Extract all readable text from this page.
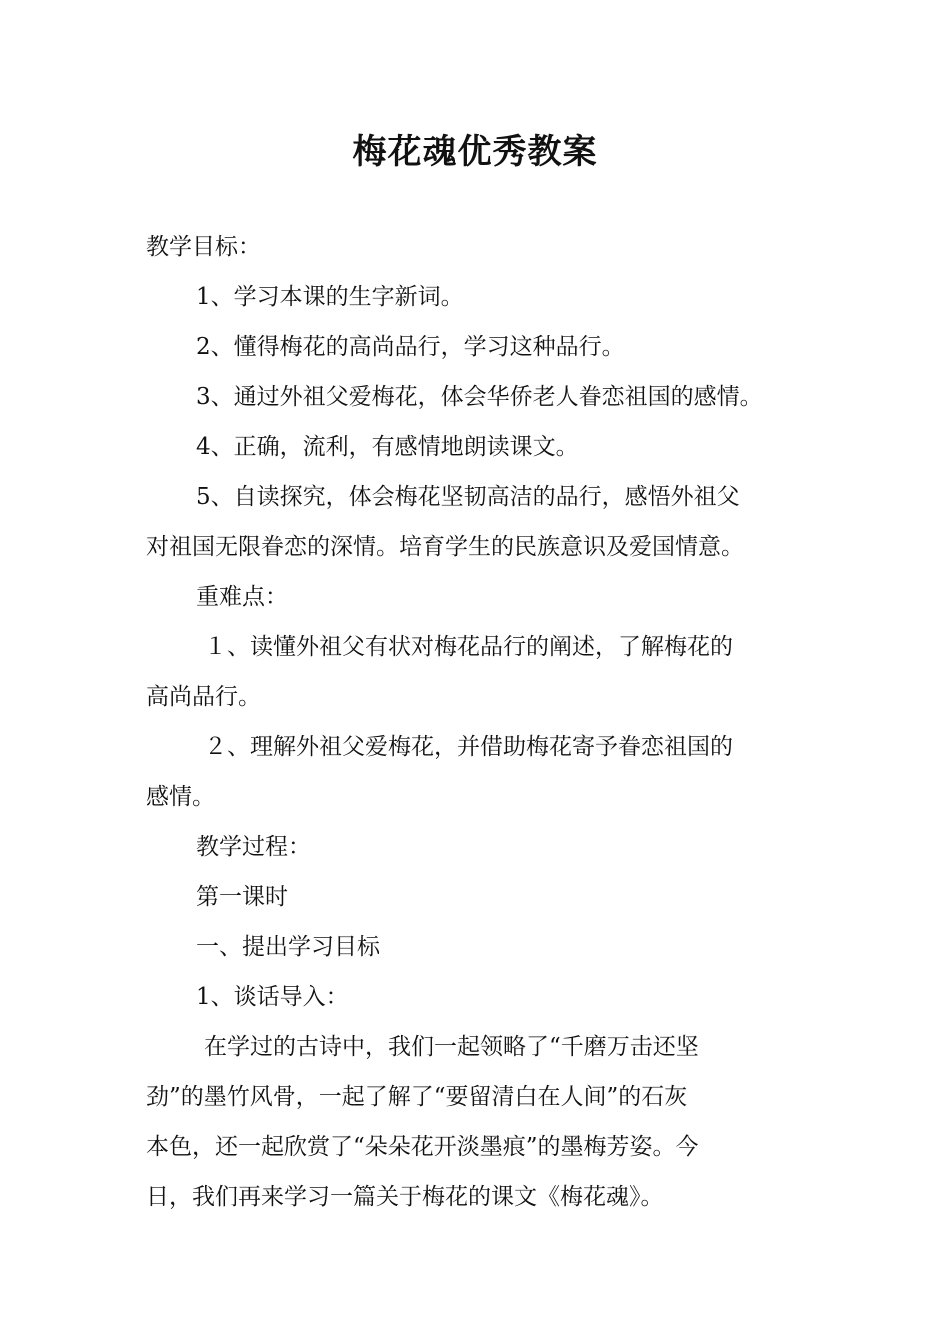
梅花魂优秀教案
教学目标：
1、学习本课的生字新词。
2、懂得梅花的高尚品行，学习这种品行。
3、通过外祖父爱梅花，体会华侨老人眷恋祖国的感情。
4、正确，流利，有感情地朗读课文。
5、自读探究，体会梅花坚韧高洁的品行，感悟外祖父
对祖国无限眷恋的深情。培育学生的民族意识及爱国情意。
重难点：
１、读懂外祖父有状对梅花品行的阐述，了解梅花的
高尚品行。
２、理解外祖父爱梅花，并借助梅花寄予眷恋祖国的
感情。
教学过程：
第一课时
一、提出学习目标
1、谈话导入：
在学过的古诗中，我们一起领略了“千磨万击还坚
劲”的墨竹风骨，一起了解了“要留清白在人间”的石灰
本色，还一起欣赏了“朵朵花开淡墨痕”的墨梅芳姿。今
日，我们再来学习一篇关于梅花的课文《梅花魂》。
